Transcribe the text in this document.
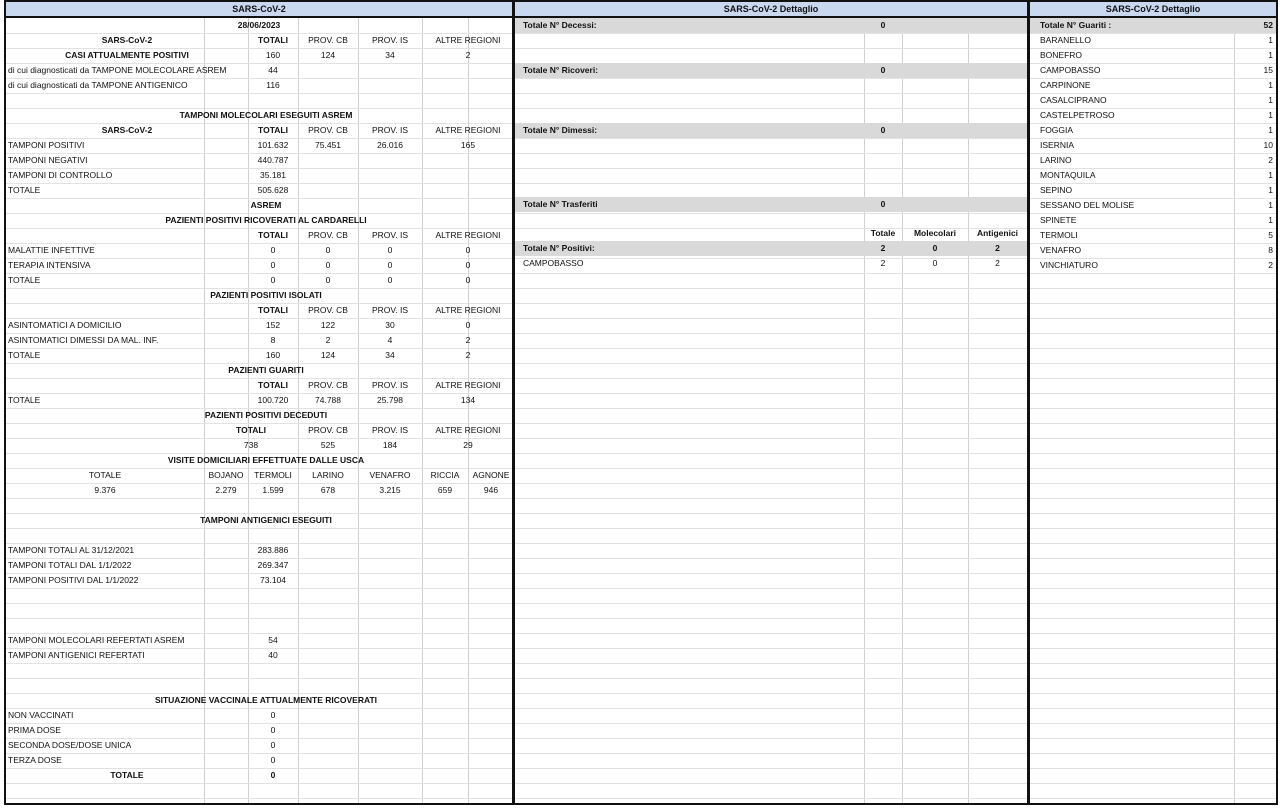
SARS-CoV-2
28/06/2023
SARS-CoV-2	TOTALI	PROV. CB	PROV. IS	ALTRE REGIONI
CASI ATTUALMENTE POSITIVI	160	124	34	2
di cui diagnosticati da TAMPONE MOLECOLARE ASREM	44
di cui diagnosticati da TAMPONE ANTIGENICO	116
TAMPONI MOLECOLARI ESEGUITI ASREM
SARS-CoV-2	TOTALI	PROV. CB	PROV. IS	ALTRE REGIONI
TAMPONI POSITIVI	101.632	75.451	26.016	165
TAMPONI NEGATIVI	440.787
TAMPONI DI CONTROLLO	35.181
TOTALE	505.628
ASREM
PAZIENTI POSITIVI RICOVERATI AL CARDARELLI
TOTALI	PROV. CB	PROV. IS	ALTRE REGIONI
MALATTIE INFETTIVE	0	0	0	0
TERAPIA INTENSIVA	0	0	0	0
TOTALE	0	0	0	0
PAZIENTI POSITIVI ISOLATI
TOTALI	PROV. CB	PROV. IS	ALTRE REGIONI
ASINTOMATICI A DOMICILIO	152	122	30	0
ASINTOMATICI DIMESSI DA MAL. INF.	8	2	4	2
TOTALE	160	124	34	2
PAZIENTI GUARITI
TOTALI	PROV. CB	PROV. IS	ALTRE REGIONI
TOTALE	100.720	74.788	25.798	134
PAZIENTI POSITIVI DECEDUTI
TOTALI	PROV. CB	PROV. IS	ALTRE REGIONI
738	525	184	29
VISITE DOMICILIARI EFFETTUATE DALLE USCA
TOTALE	BOJANO	TERMOLI	LARINO	VENAFRO	RICCIA	AGNONE
9.376	2.279	1.599	678	3.215	659	946
TAMPONI ANTIGENICI ESEGUITI
TAMPONI TOTALI AL 31/12/2021	283.886
TAMPONI TOTALI DAL 1/1/2022	269.347
TAMPONI POSITIVI DAL 1/1/2022	73.104
TAMPONI MOLECOLARI REFERTATI ASREM	54
TAMPONI ANTIGENICI REFERTATI	40
SITUAZIONE VACCINALE ATTUALMENTE RICOVERATI
NON VACCINATI	0
PRIMA DOSE	0
SECONDA DOSE/DOSE UNICA	0
TERZA DOSE	0
TOTALE	0
SARS-CoV-2 Dettaglio
Totale N° Decessi:	0
Totale N° Ricoveri:	0
Totale N° Dimessi:	0
Totale N° Trasferiti	0
Totale	Molecolari	Antigenici
Totale N° Positivi:	2	0	2
CAMPOBASSO	2	0	2
SARS-CoV-2 Dettaglio
Totale N° Guariti :	52
BARANELLO	1
BONEFRO	1
CAMPOBASSO	15
CARPINONE	1
CASALCIPRANO	1
CASTELPETROSO	1
FOGGIA	1
ISERNIA	10
LARINO	2
MONTAQUILA	1
SEPINO	1
SESSANO DEL MOLISE	1
SPINETE	1
TERMOLI	5
VENAFRO	8
VINCHIATURO	2
